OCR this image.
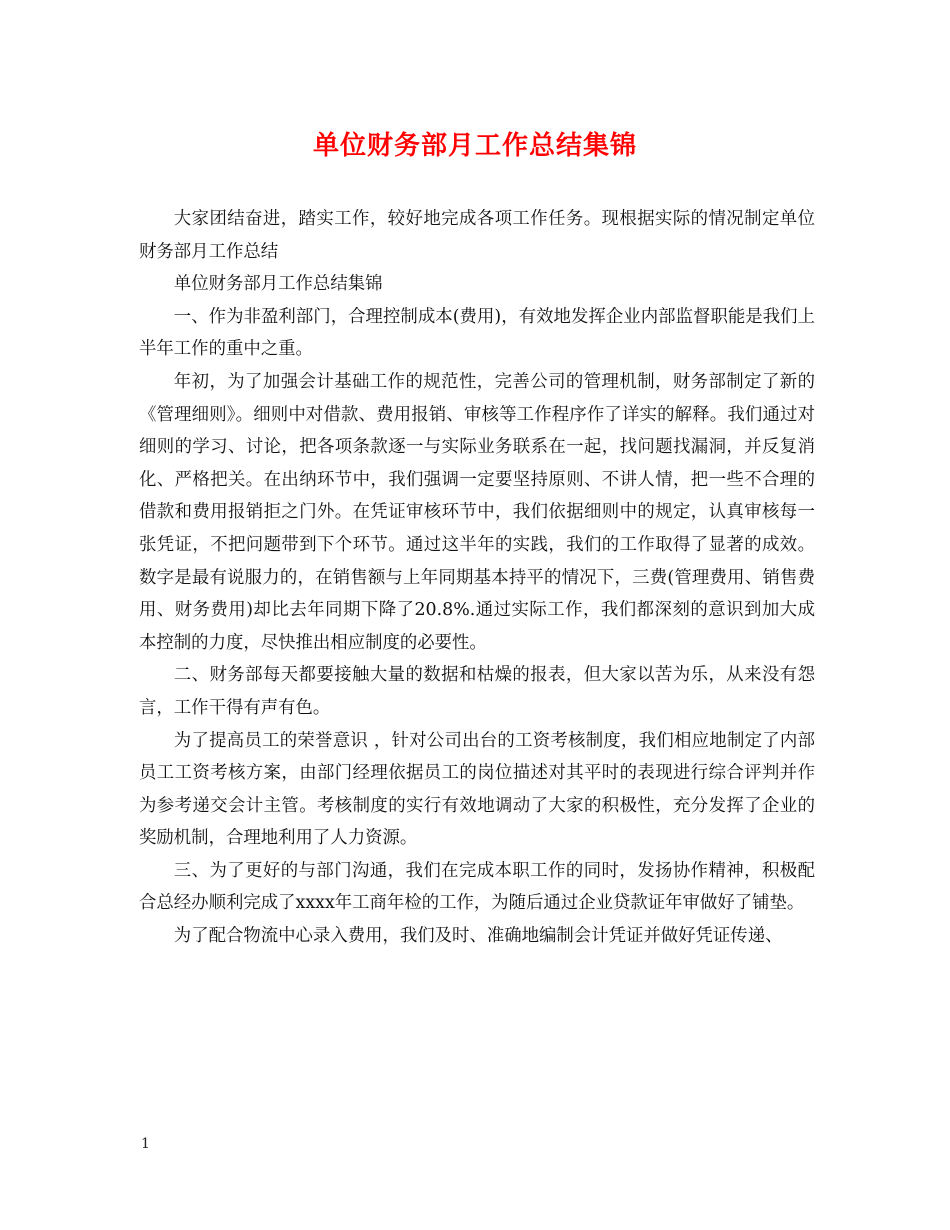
单位财务部月工作总结集锦

大家团结奋进，踏实工作，较好地完成各项工作任务。现根据实际的情况制定单位财务部月工作总结

单位财务部月工作总结集锦

一、作为非盈利部门，合理控制成本(费用)，有效地发挥企业内部监督职能是我们上半年工作的重中之重。

年初，为了加强会计基础工作的规范性，完善公司的管理机制，财务部制定了新的《管理细则》。细则中对借款、费用报销、审核等工作程序作了详实的解释。我们通过对细则的学习、讨论，把各项条款逐一与实际业务联系在一起，找问题找漏洞，并反复消化、严格把关。在出纳环节中，我们强调一定要坚持原则、不讲人情，把一些不合理的借款和费用报销拒之门外。在凭证审核环节中，我们依据细则中的规定，认真审核每一张凭证，不把问题带到下个环节。通过这半年的实践，我们的工作取得了显著的成效。数字是最有说服力的，在销售额与上年同期基本持平的情况下，三费(管理费用、销售费用、财务费用)却比去年同期下降了20.8%.通过实际工作，我们都深刻的意识到加大成本控制的力度，尽快推出相应制度的必要性。

二、财务部每天都要接触大量的数据和枯燥的报表，但大家以苦为乐，从来没有怨言，工作干得有声有色。

为了提高员工的荣誉意识 ，针对公司出台的工资考核制度，我们相应地制定了内部员工工资考核方案，由部门经理依据员工的岗位描述对其平时的表现进行综合评判并作为参考递交会计主管。考核制度的实行有效地调动了大家的积极性，充分发挥了企业的奖励机制，合理地利用了人力资源。

三、为了更好的与部门沟通，我们在完成本职工作的同时，发扬协作精神，积极配合总经办顺利完成了xxxx年工商年检的工作，为随后通过企业贷款证年审做好了铺垫。

为了配合物流中心录入费用，我们及时、准确地编制会计凭证并做好凭证传递、

1
